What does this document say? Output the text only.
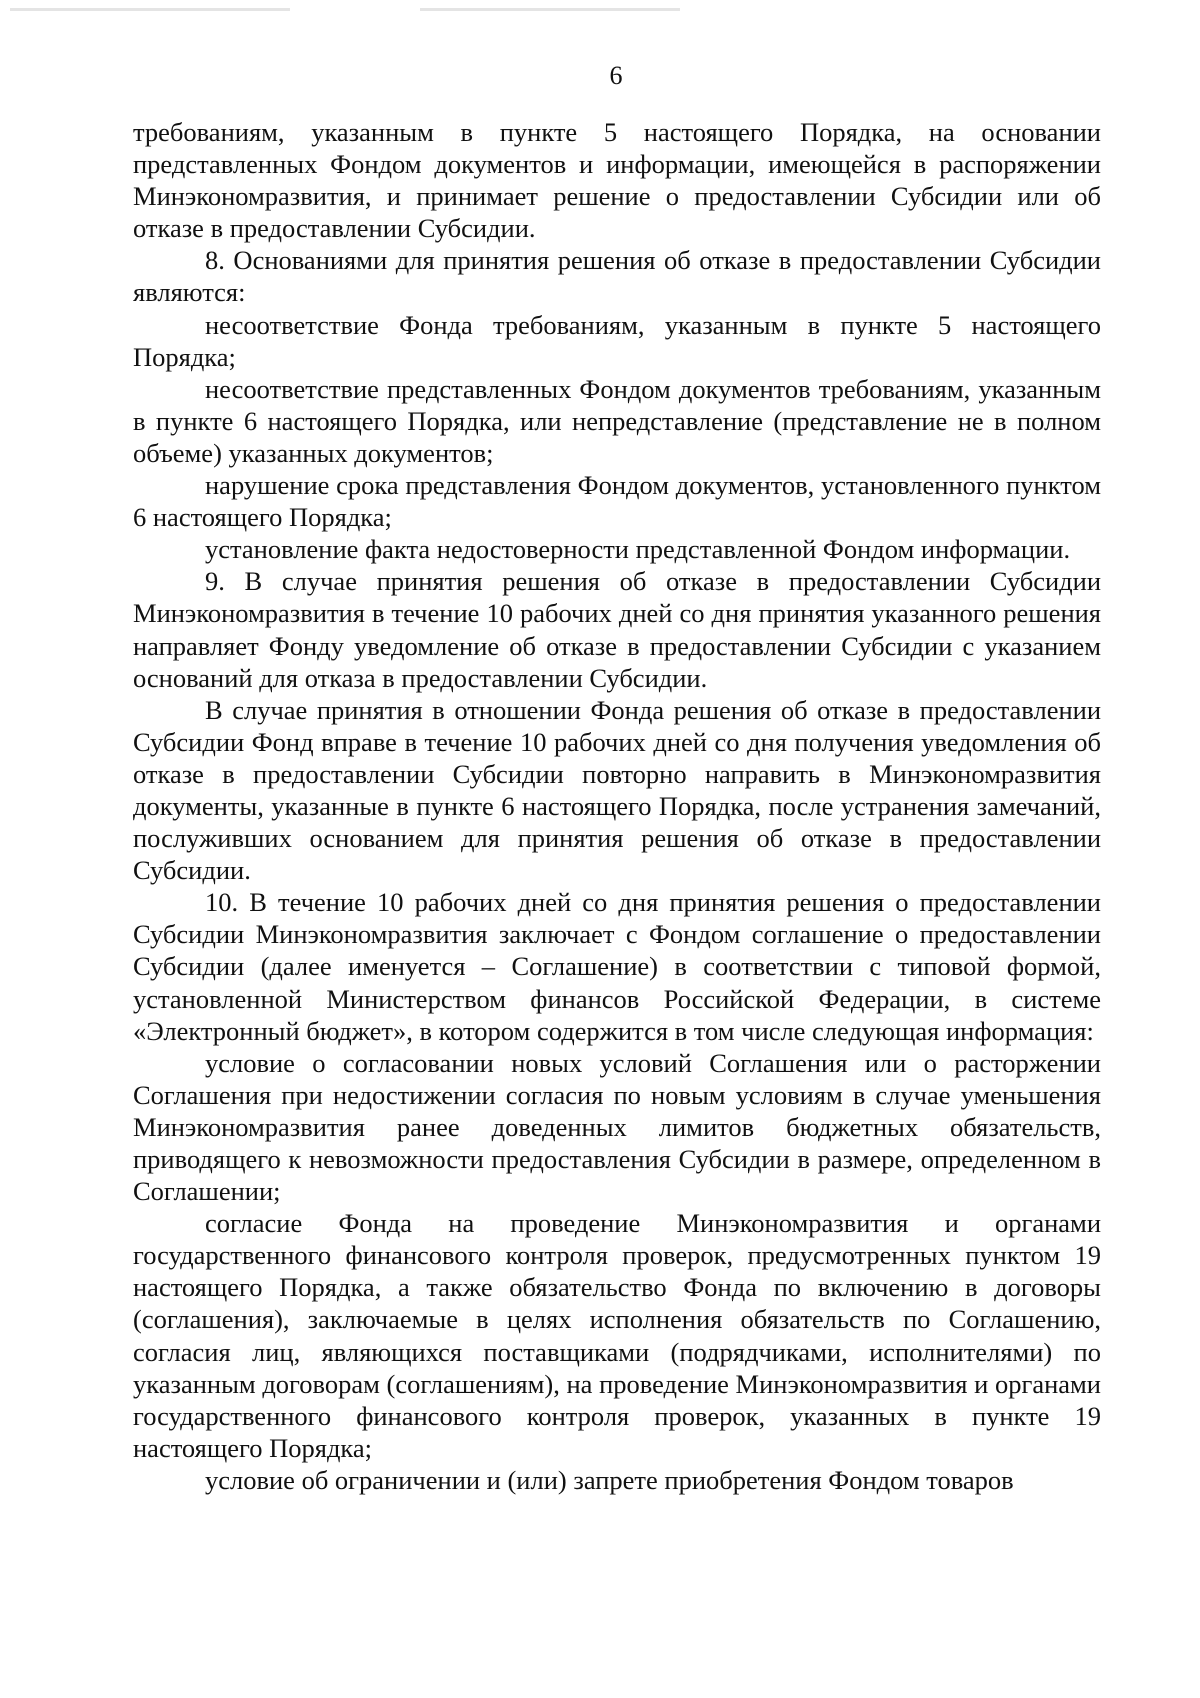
6

требованиям, указанным в пункте 5 настоящего Порядка, на основании представленных Фондом документов и информации, имеющейся в распоряжении Минэкономразвития, и принимает решение о предоставлении Субсидии или об отказе в предоставлении Субсидии.

8. Основаниями для принятия решения об отказе в предоставлении Субсидии являются:

несоответствие Фонда требованиям, указанным в пункте 5 настоящего Порядка;

несоответствие представленных Фондом документов требованиям, указанным в пункте 6 настоящего Порядка, или непредставление (представление не в полном объеме) указанных документов;

нарушение срока представления Фондом документов, установленного пунктом 6 настоящего Порядка;

установление факта недостоверности представленной Фондом информации.

9. В случае принятия решения об отказе в предоставлении Субсидии Минэкономразвития в течение 10 рабочих дней со дня принятия указанного решения направляет Фонду уведомление об отказе в предоставлении Субсидии с указанием оснований для отказа в предоставлении Субсидии.

В случае принятия в отношении Фонда решения об отказе в предоставлении Субсидии Фонд вправе в течение 10 рабочих дней со дня получения уведомления об отказе в предоставлении Субсидии повторно направить в Минэкономразвития документы, указанные в пункте 6 настоящего Порядка, после устранения замечаний, послуживших основанием для принятия решения об отказе в предоставлении Субсидии.

10. В течение 10 рабочих дней со дня принятия решения о предоставлении Субсидии Минэкономразвития заключает с Фондом соглашение о предоставлении Субсидии (далее именуется – Соглашение) в соответствии с типовой формой, установленной Министерством финансов Российской Федерации, в системе «Электронный бюджет», в котором содержится в том числе следующая информация:

условие о согласовании новых условий Соглашения или о расторжении Соглашения при недостижении согласия по новым условиям в случае уменьшения Минэкономразвития ранее доведенных лимитов бюджетных обязательств, приводящего к невозможности предоставления Субсидии в размере, определенном в Соглашении;

согласие Фонда на проведение Минэкономразвития и органами государственного финансового контроля проверок, предусмотренных пунктом 19 настоящего Порядка, а также обязательство Фонда по включению в договоры (соглашения), заключаемые в целях исполнения обязательств по Соглашению, согласия лиц, являющихся поставщиками (подрядчиками, исполнителями) по указанным договорам (соглашениям), на проведение Минэкономразвития и органами государственного финансового контроля проверок, указанных в пункте 19 настоящего Порядка;

условие об ограничении и (или) запрете приобретения Фондом товаров
